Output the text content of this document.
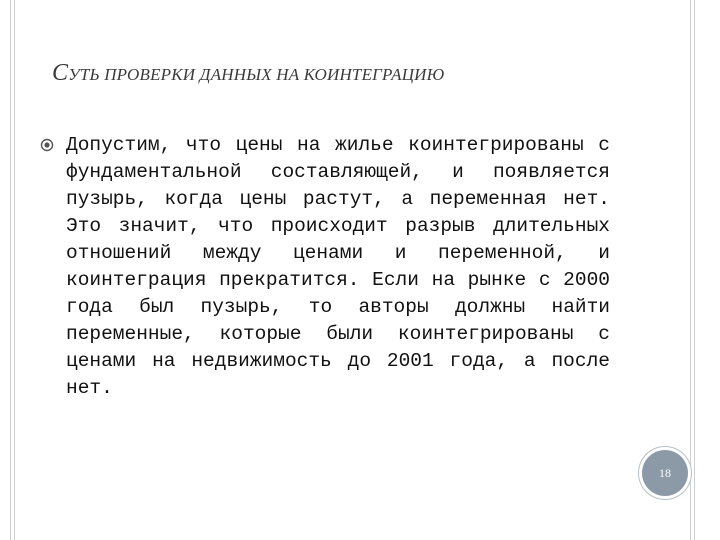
СУТЬ ПРОВЕРКИ ДАННЫХ НА КОИНТЕГРАЦИЮ

Допустим, что цены на жилье коинтегрированы с фундаментальной составляющей, и появляется пузырь, когда цены растут, а переменная нет. Это значит, что происходит разрыв длительных отношений между ценами и переменной, и коинтеграция прекратится. Если на рынке с 2000 года был пузырь, то авторы должны найти переменные, которые были коинтегрированы с ценами на недвижимость до 2001 года, а после нет.

18
